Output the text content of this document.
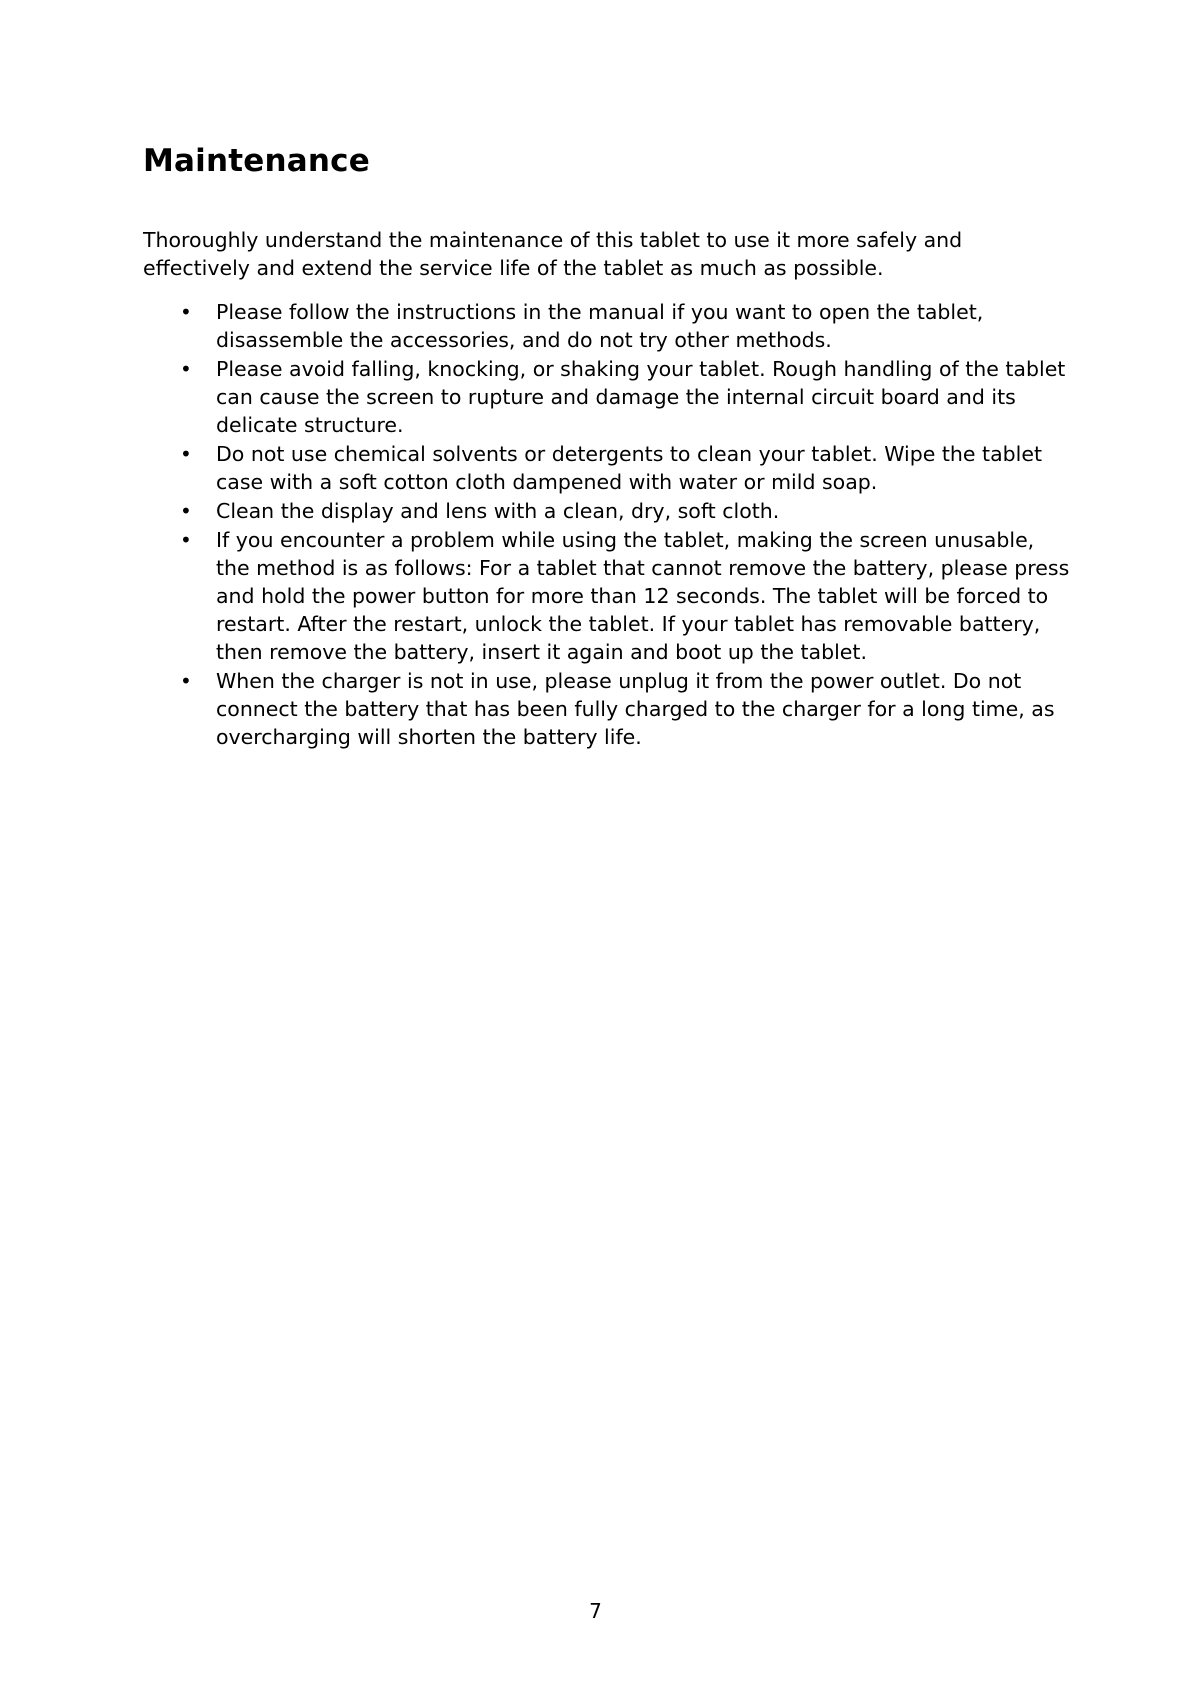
Maintenance

Thoroughly understand the maintenance of this tablet to use it more safely and effectively and extend the service life of the tablet as much as possible.

• Please follow the instructions in the manual if you want to open the tablet, disassemble the accessories, and do not try other methods.
• Please avoid falling, knocking, or shaking your tablet. Rough handling of the tablet can cause the screen to rupture and damage the internal circuit board and its delicate structure.
• Do not use chemical solvents or detergents to clean your tablet. Wipe the tablet case with a soft cotton cloth dampened with water or mild soap.
• Clean the display and lens with a clean, dry, soft cloth.
• If you encounter a problem while using the tablet, making the screen unusable, the method is as follows: For a tablet that cannot remove the battery, please press and hold the power button for more than 12 seconds. The tablet will be forced to restart. After the restart, unlock the tablet. If your tablet has removable battery, then remove the battery, insert it again and boot up the tablet.
• When the charger is not in use, please unplug it from the power outlet. Do not connect the battery that has been fully charged to the charger for a long time, as overcharging will shorten the battery life.
7
